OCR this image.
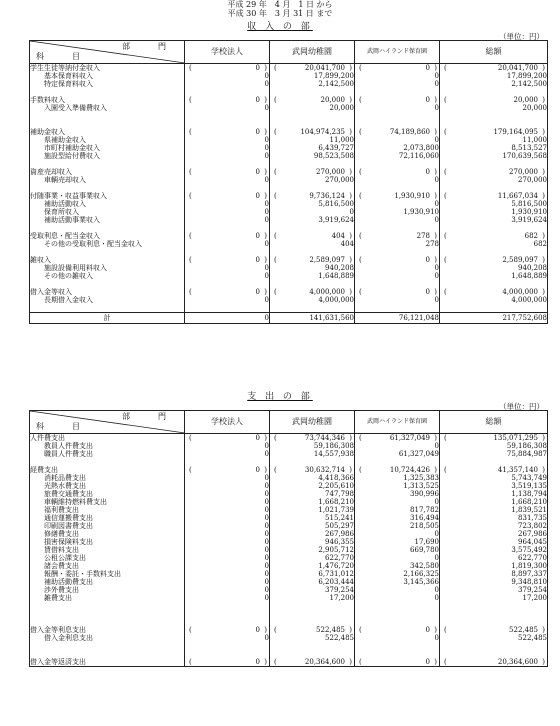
平成 29 年　4 月　1 日 から
平成 30 年　3 月 31 日 まで
収 入 の 部
（単位：円）
部　門
科　目	学校法人	武岡幼稚園	武岡ハイランド保育園	総額
学生生徒等納付金収入	( 0 )	( 20,041,700 )	( 0 )	( 20,041,700 )
基本保育料収入	0	17,899,200	0	17,899,200
特定保育料収入	0	2,142,500	0	2,142,500

手数料収入	( 0 )	( 20,000 )	( 0 )	( 20,000 )
入園受入準備費収入	0	20,000	0	20,000

補助金収入	( 0 )	( 104,974,235 )	( 74,189,860 )	( 179,164,095 )
県補助金収入	0	11,000	0	11,000
市町村補助金収入	0	6,439,727	2,073,800	8,513,527
施設型給付費収入	0	98,523,508	72,116,060	170,639,568

資産売却収入	( 0 )	( 270,000 )	( 0 )	( 270,000 )
車輌売却収入	0	270,000	0	270,000

付随事業・収益事業収入	( 0 )	( 9,736,124 )	( 1,930,910 )	( 11,667,034 )
補助活動収入	0	5,816,500	0	5,816,500
保育所収入	0	0	1,930,910	1,930,910
補助活動事業収入	0	3,919,624	0	3,919,624

受取利息・配当金収入	( 0 )	( 404 )	( 278 )	( 682 )
その他の受取利息・配当金収入	0	404	278	682

雑収入	( 0 )	( 2,589,097 )	( 0 )	( 2,589,097 )
施設設備利用料収入	0	940,208	0	940,208
その他の雑収入	0	1,648,889	0	1,648,889

借入金等収入	( 0 )	( 4,000,000 )	( 0 )	( 4,000,000 )
長期借入金収入	0	4,000,000	0	4,000,000

計	0	141,631,560	76,121,048	217,752,608
支 出 の 部
（単位：円）
部　門
科　目	学校法人	武岡幼稚園	武岡ハイランド保育園	総額
人件費支出	( 0 )	( 73,744,346 )	( 61,327,049 )	( 135,071,295 )
教員人件費支出	0	59,186,308	0	59,186,308
職員人件費支出	0	14,557,938	61,327,049	75,884,987

経費支出	( 0 )	( 30,632,714 )	( 10,724,426 )	( 41,357,140 )
消耗品費支出	0	4,418,366	1,325,383	5,743,749
光熱水費支出	0	2,205,610	1,313,525	3,519,135
旅費交通費支出	0	747,798	390,996	1,138,794
車輌維持燃料費支出	0	1,668,210	0	1,668,210
福利費支出	0	1,021,739	817,782	1,839,521
通信運搬費支出	0	515,241	316,494	831,735
印刷図書費支出	0	505,297	218,505	723,802
修繕費支出	0	267,986	0	267,986
損害保険料支出	0	946,355	17,690	964,045
賃借料支出	0	2,905,712	669,780	3,575,492
公租公課支出	0	622,770	0	622,770
諸会費支出	0	1,476,720	342,580	1,819,300
報酬・委託・手数料支出	0	6,731,012	2,166,325	8,897,337
補助活動費支出	0	6,203,444	3,145,366	9,348,810
渉外費支出	0	379,254	0	379,254
雑費支出	0	17,200	0	17,200

借入金等利息支出	( 0 )	( 522,485 )	( 0 )	( 522,485 )
借入金利息支出	0	522,485	0	522,485

借入金等返済支出	( 0 )	( 20,364,600 )	( 0 )	( 20,364,600 )
